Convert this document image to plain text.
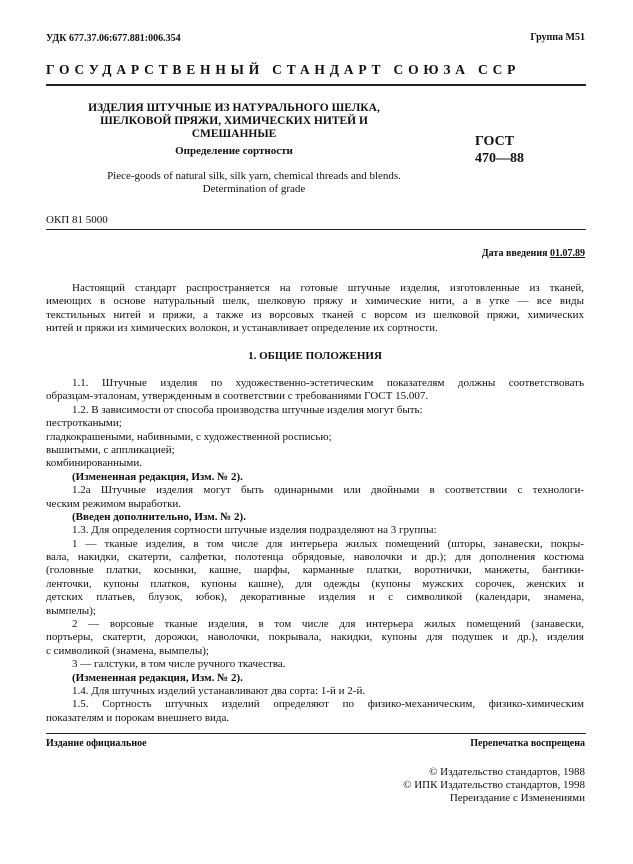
УДК 677.37.06:677.881:006.354	Группа М51
ГОСУДАРСТВЕННЫЙ СТАНДАРТ СОЮЗА ССР
ИЗДЕЛИЯ ШТУЧНЫЕ ИЗ НАТУРАЛЬНОГО ШЕЛКА,
ШЕЛКОВОЙ ПРЯЖИ, ХИМИЧЕСКИХ НИТЕЙ И СМЕШАННЫЕ
Определение сортности
Piece-goods of natural silk, silk yarn, chemical threads and blends.
Determination of grade
ГОСТ
470—88
ОКП 81 5000
Дата введения 01.07.89
Настоящий стандарт распространяется на готовые штучные изделия, изготовленные из тканей,
имеющих в основе натуральный шелк, шелковую пряжу и химические нити, а в утке — все виды
текстильных нитей и пряжи, а также из ворсовых тканей с ворсом из шелковой пряжи, химических
нитей и пряжи из химических волокон, и устанавливает определение их сортности.
1. ОБЩИЕ ПОЛОЖЕНИЯ
1.1. Штучные изделия по художественно-эстетическим показателям должны соответствовать
образцам-эталонам, утвержденным в соответствии с требованиями ГОСТ 15.007.
1.2. В зависимости от способа производства штучные изделия могут быть:
пестроткаными;
гладкокрашеными, набивными, с художественной росписью;
вышитыми, с аппликацией;
комбинированными.
(Измененная редакция, Изм. № 2).
1.2а Штучные изделия могут быть одинарными или двойными в соответствии с технологи-
ческим режимом выработки.
(Введен дополнительно, Изм. № 2).
1.3. Для определения сортности штучные изделия подразделяют на 3 группы:
1 — тканые изделия, в том числе для интерьера жилых помещений (шторы, занавески, покры-
вала, накидки, скатерти, салфетки, полотенца обрядовые, наволочки и др.); для дополнения костюма
(головные платки, косынки, кашне, шарфы, карманные платки, воротнички, манжеты, бантики-
ленточки, купоны платков, купоны кашне), для одежды (купоны мужских сорочек, женских и
детских платьев, блузок, юбок), декоративные изделия и с символикой (календари, знамена,
вымпелы);
2 — ворсовые тканые изделия, в том числе для интерьера жилых помещений (занавески,
портьеры, скатерти, дорожки, наволочки, покрывала, накидки, купоны для подушек и др.), изделия
с символикой (знамена, вымпелы);
3 — галстуки, в том числе ручного ткачества.
(Измененная редакция, Изм. № 2).
1.4. Для штучных изделий устанавливают два сорта: 1-й и 2-й.
1.5. Сортность штучных изделий определяют по физико-механическим, физико-химическим
показателям и порокам внешнего вида.
Издание официальное	Перепечатка воспрещена
© Издательство стандартов, 1988
© ИПК Издательство стандартов, 1998
Переиздание с Изменениями
